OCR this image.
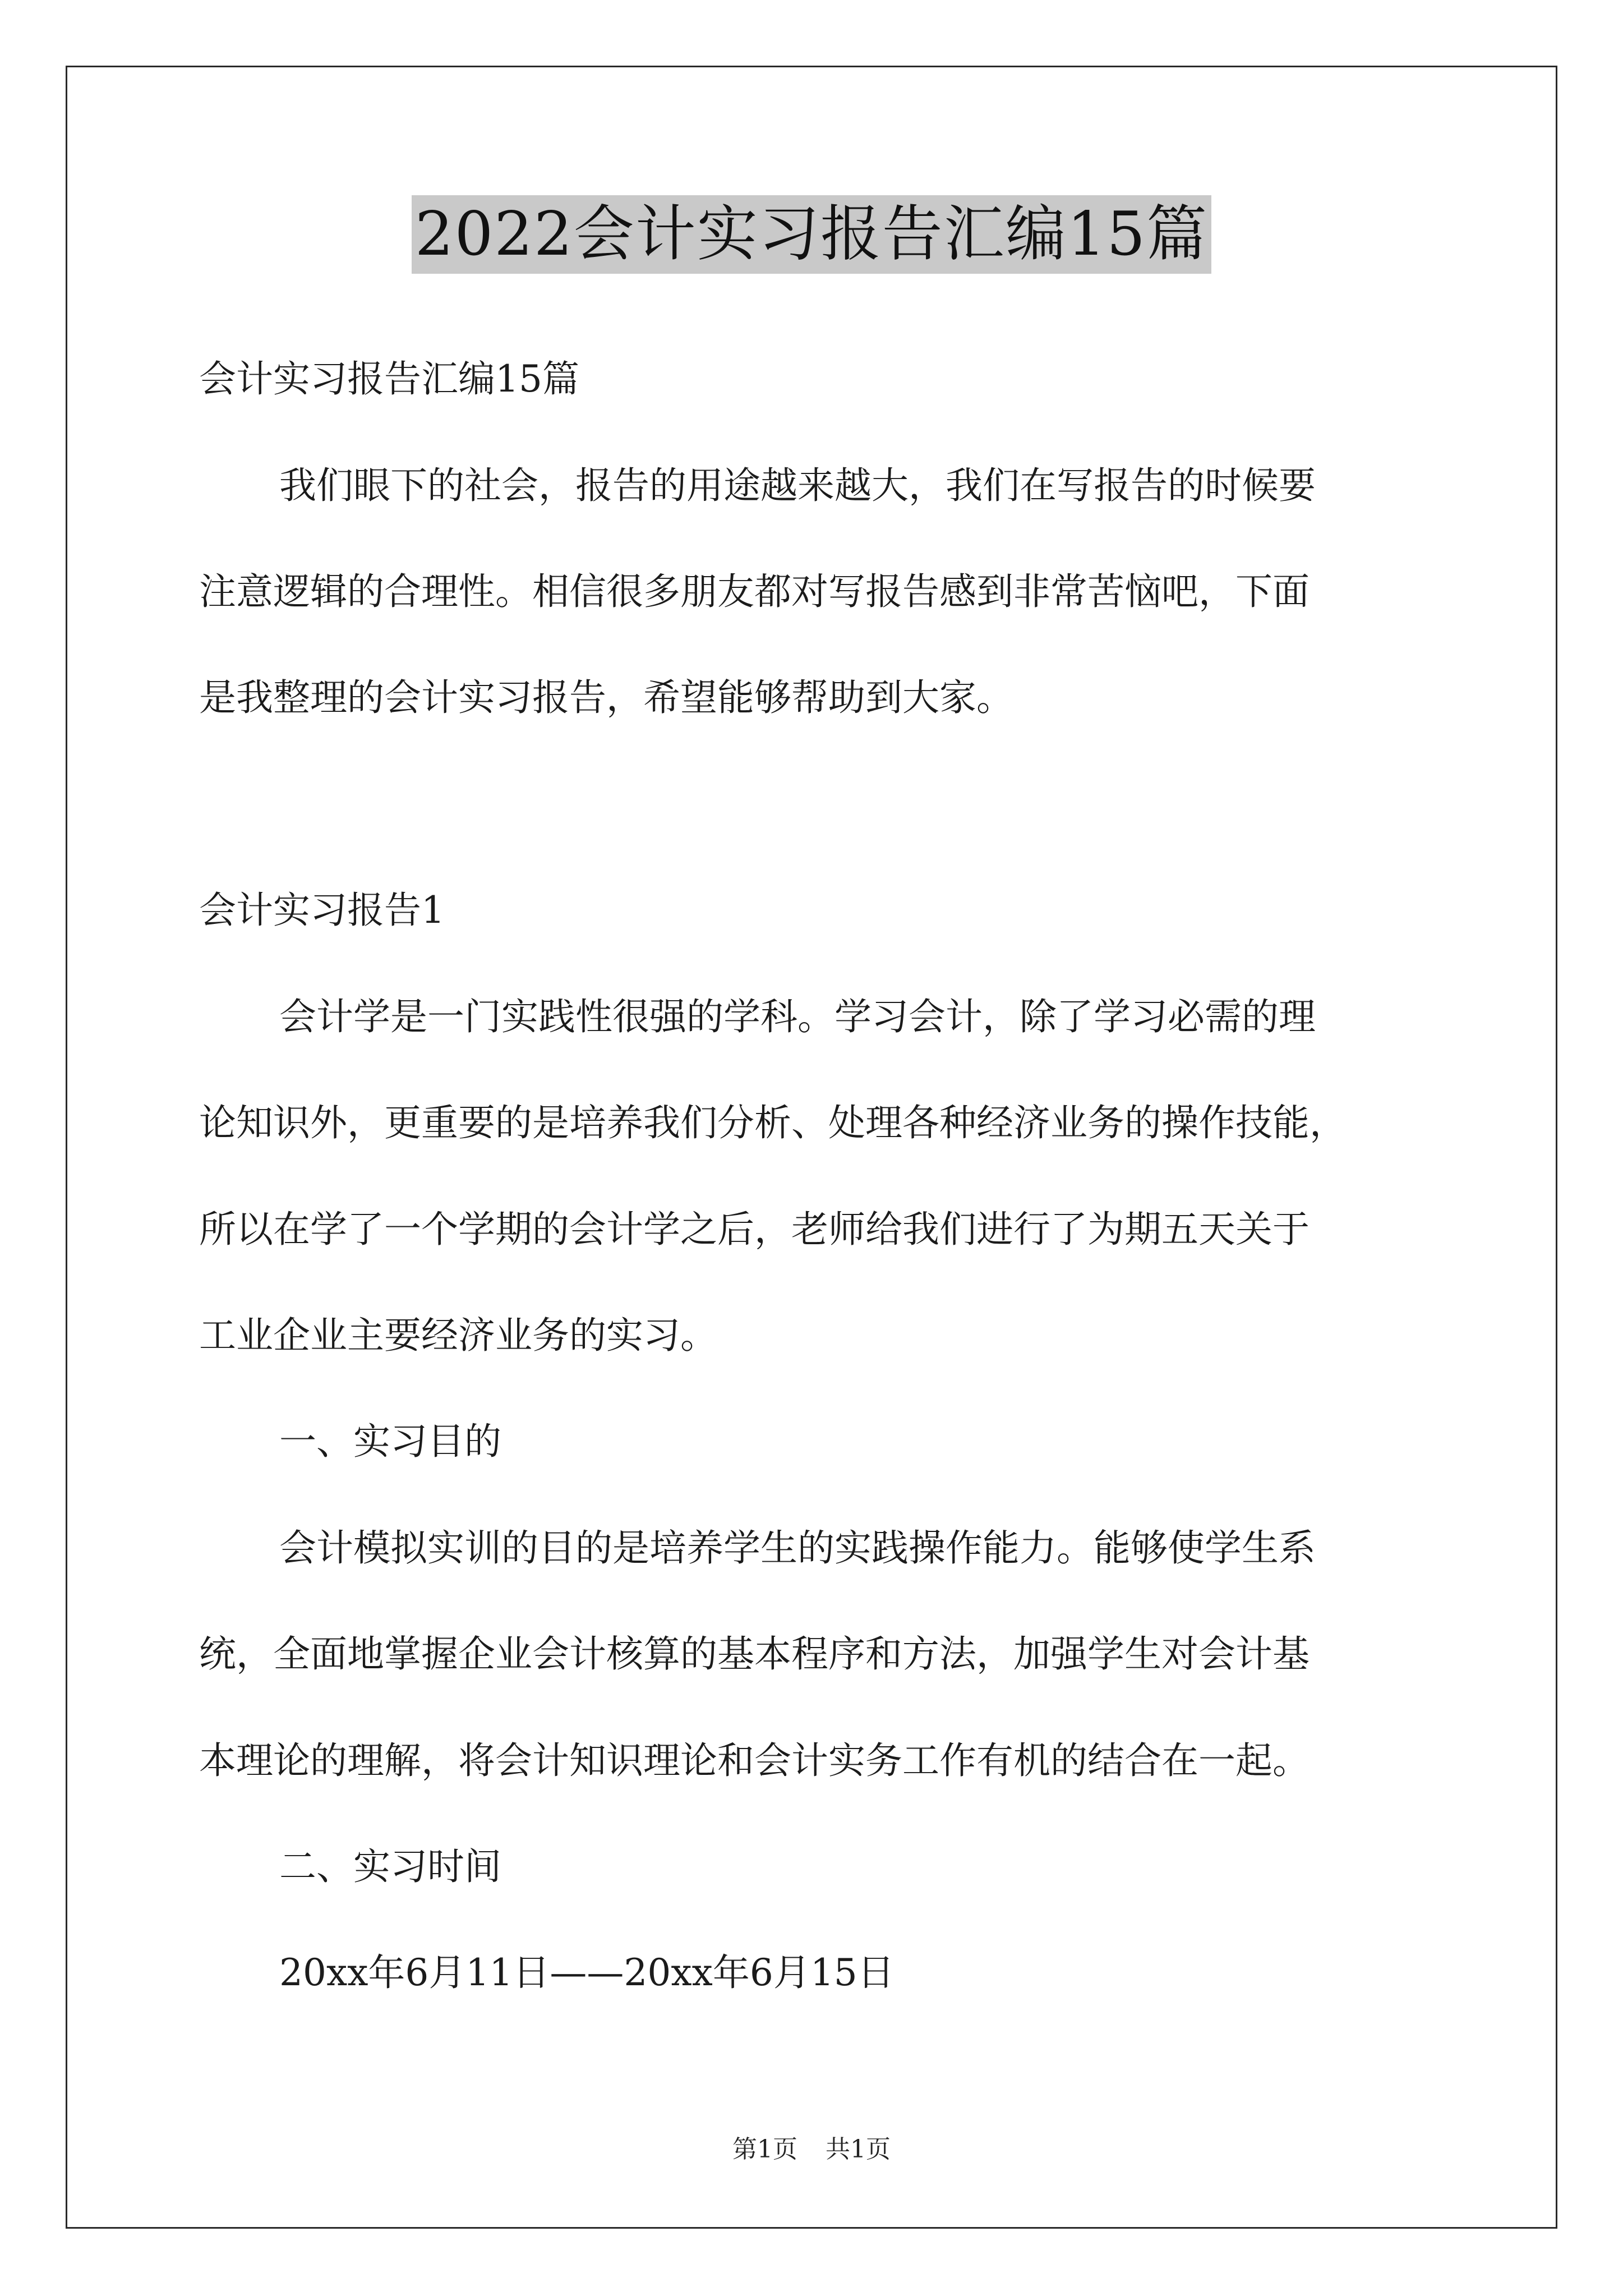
2022会计实习报告汇编15篇
会计实习报告汇编15篇
我们眼下的社会，报告的用途越来越大，我们在写报告的时候要
注意逻辑的合理性。相信很多朋友都对写报告感到非常苦恼吧，下面
是我整理的会计实习报告，希望能够帮助到大家。
会计实习报告1
会计学是一门实践性很强的学科。学习会计，除了学习必需的理
论知识外，更重要的是培养我们分析、处理各种经济业务的操作技能，
所以在学了一个学期的会计学之后，老师给我们进行了为期五天关于
工业企业主要经济业务的实习。
一、实习目的
会计模拟实训的目的是培养学生的实践操作能力。能够使学生系
统，全面地掌握企业会计核算的基本程序和方法，加强学生对会计基
本理论的理解，将会计知识理论和会计实务工作有机的结合在一起。
二、实习时间
20xx年6月11日——20xx年6月15日
第1页 共1页
